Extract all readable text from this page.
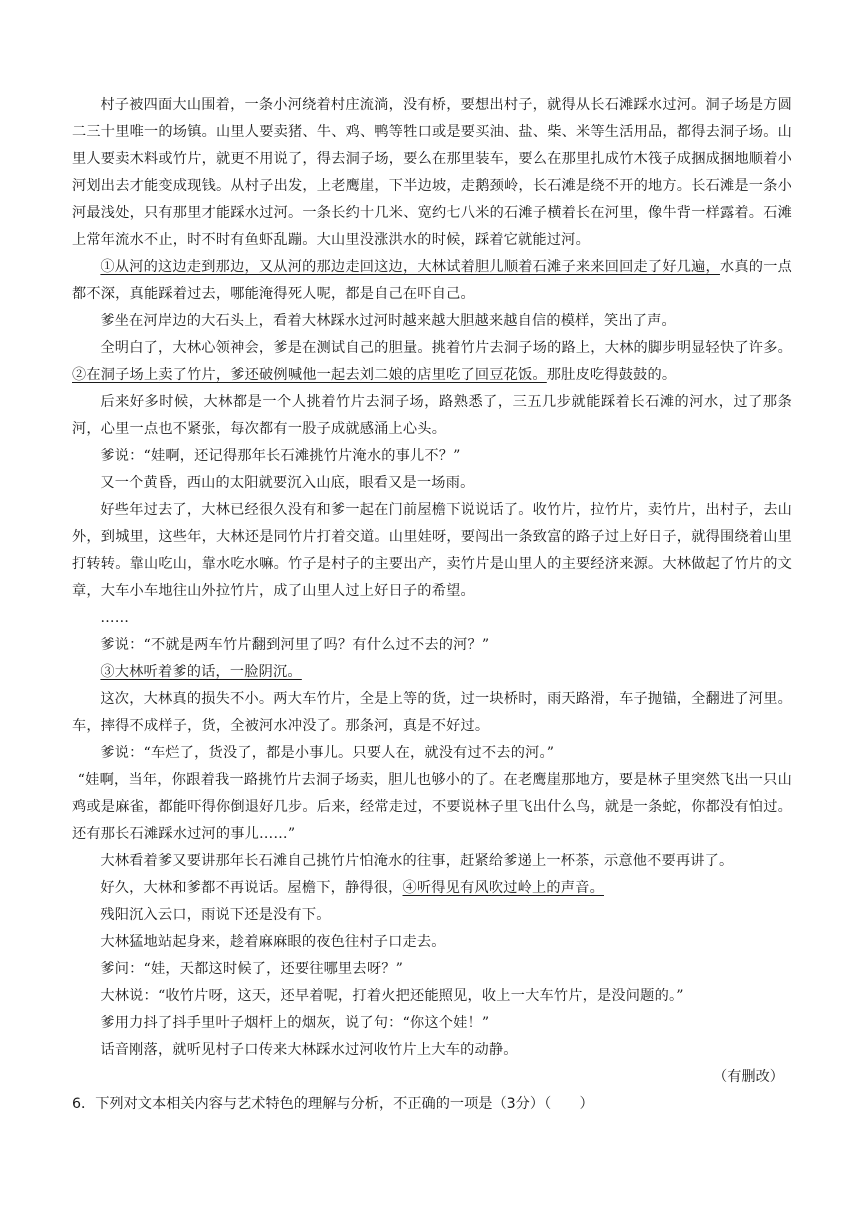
村子被四面大山围着，一条小河绕着村庄流淌，没有桥，要想出村子，就得从长石滩踩水过河。洞子场是方圆二三十里唯一的场镇。山里人要卖猪、牛、鸡、鸭等牲口或是要买油、盐、柴、米等生活用品，都得去洞子场。山里人要卖木料或竹片，就更不用说了，得去洞子场，要么在那里装车，要么在那里扎成竹木筏子成捆成捆地顺着小河划出去才能变成现钱。从村子出发，上老鹰崖，下半边坡，走鹅颈岭，长石滩是绕不开的地方。长石滩是一条小河最浅处，只有那里才能踩水过河。一条长约十几米、宽约七八米的石滩子横着长在河里，像牛背一样露着。石滩上常年流水不止，时不时有鱼虾乱蹦。大山里没涨洪水的时候，踩着它就能过河。

①从河的这边走到那边，又从河的那边走回这边，大林试着胆儿顺着石滩子来来回回走了好几遍，水真的一点都不深，真能踩着过去，哪能淹得死人呢，都是自己在吓自己。

爹坐在河岸边的大石头上，看着大林踩水过河时越来越大胆越来越自信的模样，笑出了声。

全明白了，大林心领神会，爹是在测试自己的胆量。挑着竹片去洞子场的路上，大林的脚步明显轻快了许多。②在洞子场上卖了竹片，爹还破例喊他一起去刘二娘的店里吃了回豆花饭。那肚皮吃得鼓鼓的。

后来好多时候，大林都是一个人挑着竹片去洞子场，路熟悉了，三五几步就能踩着长石滩的河水，过了那条河，心里一点也不紧张，每次都有一股子成就感涌上心头。

爹说：“娃啊，还记得那年长石滩挑竹片淹水的事儿不？”

又一个黄昏，西山的太阳就要沉入山底，眼看又是一场雨。

好些年过去了，大林已经很久没有和爹一起在门前屋檐下说说话了。收竹片，拉竹片，卖竹片，出村子，去山外，到城里，这些年，大林还是同竹片打着交道。山里娃呀，要闯出一条致富的路子过上好日子，就得围绕着山里打转转。靠山吃山，靠水吃水嘛。竹子是村子的主要出产，卖竹片是山里人的主要经济来源。大林做起了竹片的文章，大车小车地往山外拉竹片，成了山里人过上好日子的希望。

……

爹说：“不就是两车竹片翻到河里了吗？有什么过不去的河？”

③大林听着爹的话，一脸阴沉。

这次，大林真的损失不小。两大车竹片，全是上等的货，过一块桥时，雨天路滑，车子抛锚，全翻进了河里。车，摔得不成样子，货，全被河水冲没了。那条河，真是不好过。

爹说：“车烂了，货没了，都是小事儿。只要人在，就没有过不去的河。”

“娃啊，当年，你跟着我一路挑竹片去洞子场卖，胆儿也够小的了。在老鹰崖那地方，要是林子里突然飞出一只山鸡或是麻雀，都能吓得你倒退好几步。后来，经常走过，不要说林子里飞出什么鸟，就是一条蛇，你都没有怕过。还有那长石滩踩水过河的事儿……”

大林看着爹又要讲那年长石滩自己挑竹片怕淹水的往事，赶紧给爹递上一杯茶，示意他不要再讲了。

好久，大林和爹都不再说话。屋檐下，静得很，④听得见有风吹过岭上的声音。

残阳沉入云口，雨说下还是没有下。

大林猛地站起身来，趁着麻麻眼的夜色往村子口走去。

爹问：“娃，天都这时候了，还要往哪里去呀？”

大林说：“收竹片呀，这天，还早着呢，打着火把还能照见，收上一大车竹片，是没问题的。”

爹用力抖了抖手里叶子烟杆上的烟灰，说了句：“你这个娃！”

话音刚落，就听见村子口传来大林踩水过河收竹片上大车的动静。

（有删改）

6．下列对文本相关内容与艺术特色的理解与分析，不正确的一项是（3分）（　　）
